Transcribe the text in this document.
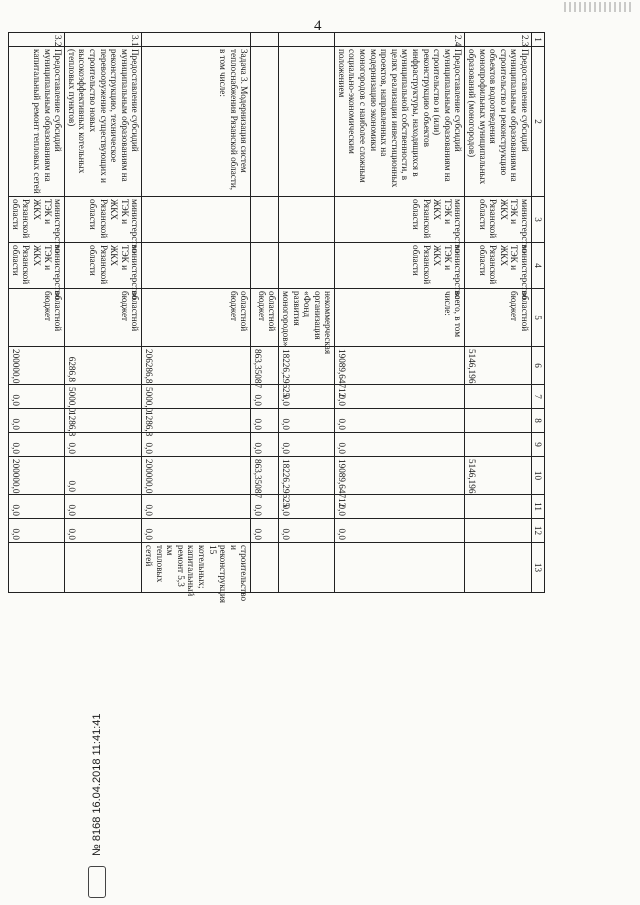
4
1	2	3	4	5	6	7	8	9	10	11	12	13
2.3	Предоставление субсидий муниципальным образованиям на строительство и реконструкцию объектов водоотведения монопрофильных муниципальных образований (моногородов)	министерство ТЭК и ЖКХ Рязанской области	министерство ТЭК и ЖКХ Рязанской области	областной бюджет	5146,196				5146,196			
2.4	Предоставление субсидий муниципальным образованиям на строительство и (или) реконструкцию объектов инфраструктуры, находящихся в муниципальной собственности, в целях реализации инвестиционных проектов, направленных на модернизацию экономики моногородов с наиболее сложным социально-экономическим положением	министерство ТЭК и ЖКХ Рязанской области	министерство ТЭК и ЖКХ Рязанской области	всего, в том числе:	19089,64712	0,0	0,0	0,0	19089,64712	0,0	0,0	
				некоммерческая организация «Фонд развития моногородов»	18226,29625	0,0	0,0	0,0	18226,29625	0,0	0,0	
				областной бюджет	863,35087	0,0	0,0	0,0	863,35087	0,0	0,0	
	Задача 3. Модернизация систем теплоснабжения Рязанской области, в том числе:			областной бюджет	206286,8	5000,0	1286,8	0,0	200000,0	0,0	0,0	строительство и реконструкция 15 котельных; капитальный ремонт 5,3 км тепловых сетей
3.1	Предоставление субсидий муниципальным образованиям на реконструкцию, техническое перевооружение существующих и строительство новых высокоэффективных котельных (тепловых пунктов)	министерство ТЭК и ЖКХ Рязанской области	министерство ТЭК и ЖКХ Рязанской области	областной бюджет	6286,8	5000,0	1286,8	0,0	0,0	0,0	0,0	
3.2	Предоставление субсидий муниципальным образованиям на капитальный ремонт тепловых сетей	министерство ТЭК и ЖКХ Рязанской области	министерство ТЭК и ЖКХ Рязанской области	областной бюджет	200000,0	0,0	0,0	0,0	200000,0	0,0	0,0	
№ 8168 16.04.2018 11:41:41
